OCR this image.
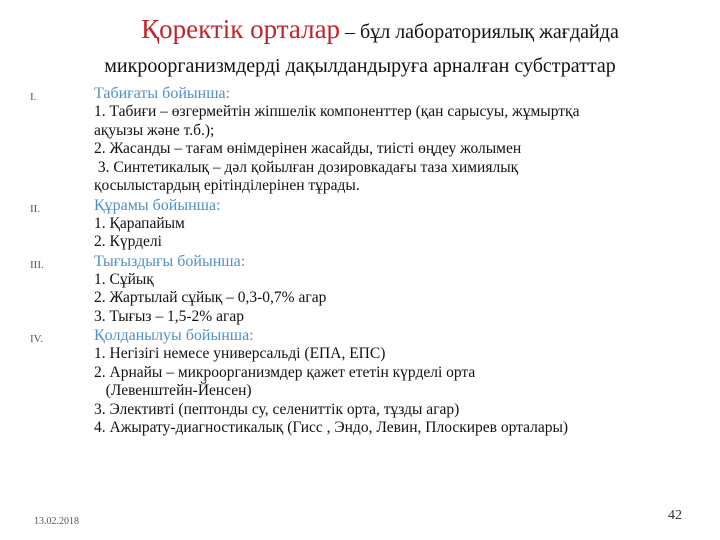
Қоректік орталар – бұл лабораториялық жағдайда
микроорганизмдерді дақылдандыруға арналған субстраттар
I.	Табиғаты бойынша:
1. Табиғи – өзгермейтін жіпшелік компоненттер (қан сарысуы, жұмыртқа
ақуызы және т.б.);
2. Жасанды – тағам өнімдерінен жасайды, тиісті өңдеу жолымен
3. Синтетикалық – дәл қойылған дозировкадағы таза химиялық
қосылыстардың ерітінділерінен тұрады.
II.	Құрамы бойынша:
1. Қарапайым
2. Күрделі
III.	Тығыздығы бойынша:
1. Сұйық
2. Жартылай сұйық – 0,3-0,7% агар
3. Тығыз – 1,5-2% агар
IV.	Қолданылуы бойынша:
1. Негізігі немесе универсальді (ЕПА, ЕПС)
2. Арнайы – микроорганизмдер қажет ететін күрделі орта
(Левенштейн-Йенсен)
3. Элективті (пептонды су, селениттік орта, тұзды агар)
4. Ажырату-диагностикалық (Гисс , Эндо, Левин, Плоскирев орталары)
13.02.2018	42
